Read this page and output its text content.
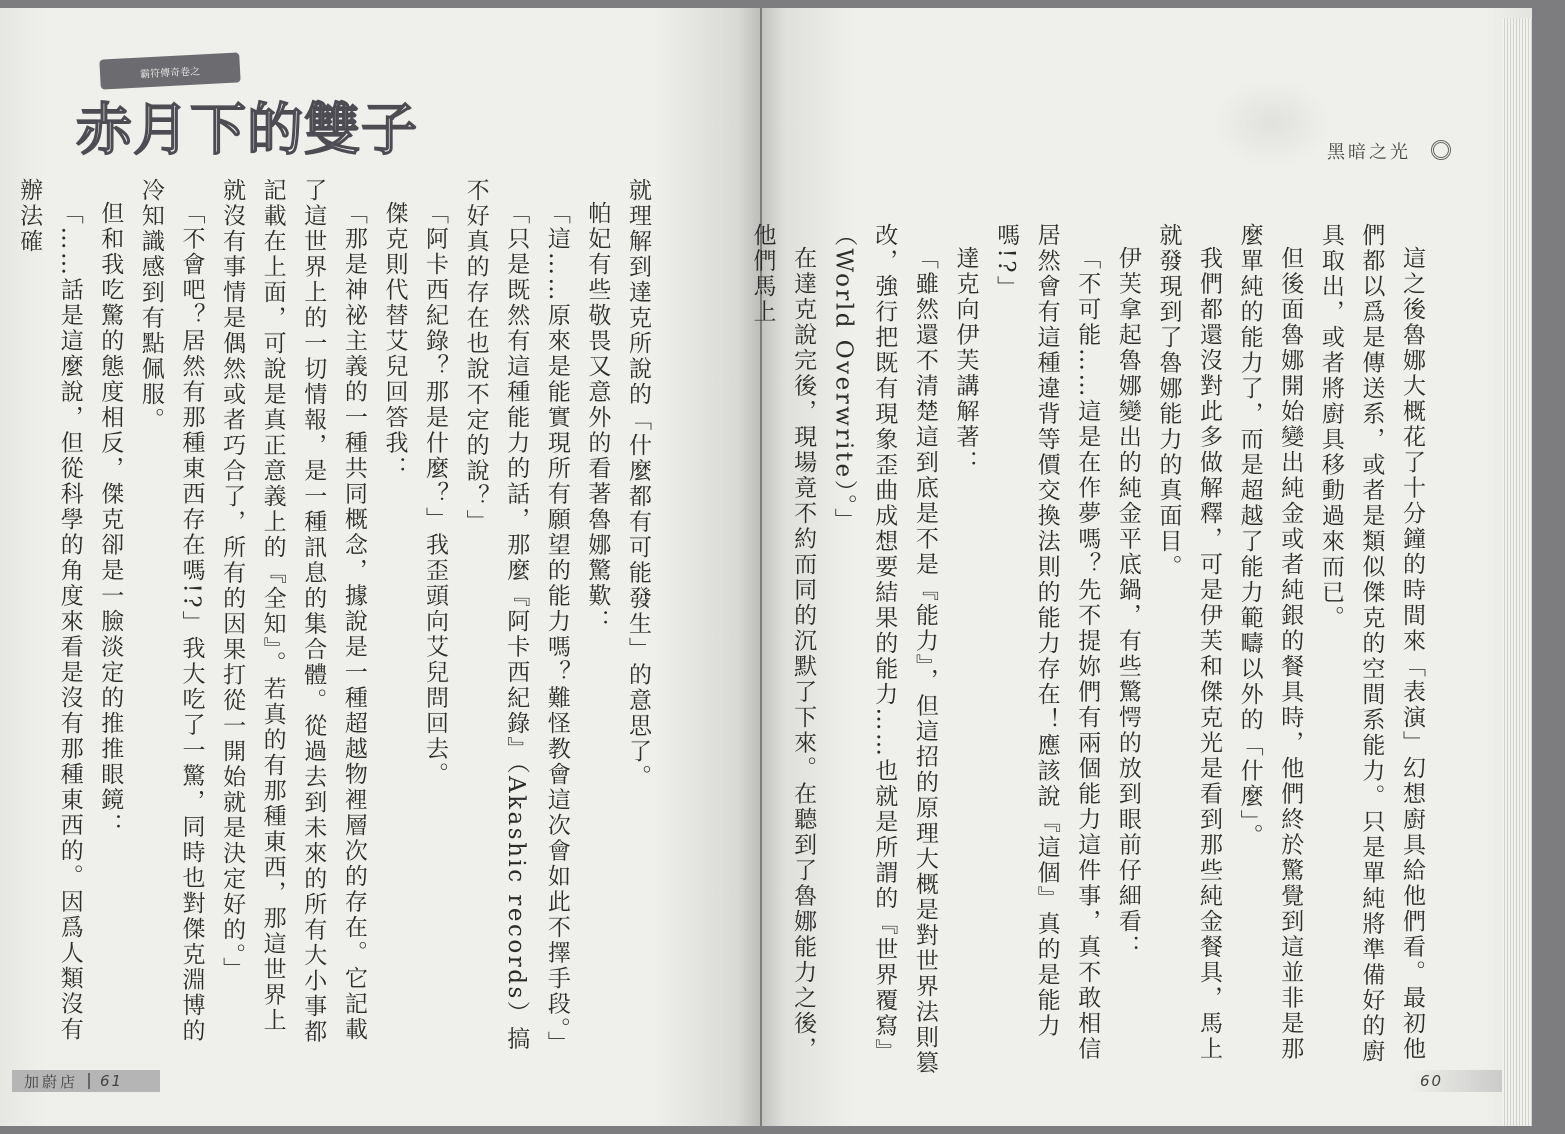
霸符傳奇卷之
赤月下的雙子

就理解到達克所說的「什麼都有可能發生」的意思了。

帕妃有些敬畏又意外的看著魯娜驚歎：

「這……原來是能實現所有願望的能力嗎？難怪教會這次會如此不擇手段。」

「只是既然有這種能力的話，那麼『阿卡西紀錄』（Akashic records）搞不好真的存在也說不定的說？」

「阿卡西紀錄？那是什麼？」我歪頭向艾兒問回去。

傑克則代替艾兒回答我：

「那是神祕主義的一種共同概念，據說是一種超越物裡層次的存在。它記載了這世界上的一切情報，是一種訊息的集合體。從過去到未來的所有大小事都記載在上面，可說是真正意義上的『全知』。若真的有那種東西，那這世界上就沒有事情是偶然或者巧合了，所有的因果打從一開始就是決定好的。」

「不會吧？居然有那種東西存在嗎!?」我大吃了一驚，同時也對傑克淵博的冷知識感到有點佩服。

但和我吃驚的態度相反，傑克卻是一臉淡定的推推眼鏡：

「……話是這麼說，但從科學的角度來看是沒有那種東西的。因爲人類沒有辦法確

加蔚店 61
黑暗之光

這之後魯娜大概花了十分鐘的時間來「表演」幻想廚具給他們看。最初他們都以爲是傳送系，或者是類似傑克的空間系能力。只是單純將準備好的廚具取出，或者將廚具移動過來而已。

但後面魯娜開始變出純金或者純銀的餐具時，他們終於驚覺到這並非是那麼單純的能力了，而是超越了能力範疇以外的「什麼」。

我們都還沒對此多做解釋，可是伊芙和傑克光是看到那些純金餐具，馬上就發現到了魯娜能力的真面目。

伊芙拿起魯娜變出的純金平底鍋，有些驚愕的放到眼前仔細看：

「不可能……這是在作夢嗎？先不提妳們有兩個能力這件事，真不敢相信居然會有這種違背等價交換法則的能力存在！應該說『這個』真的是能力嗎!?」

達克向伊芙講解著：

「雖然還不清楚這到底是不是『能力』，但這招的原理大概是對世界法則篡改，強行把既有現象歪曲成想要結果的能力……也就是所謂的『世界覆寫』（World Overwrite）。」

在達克說完後，現場竟不約而同的沉默了下來。在聽到了魯娜能力之後，他們馬上

60
